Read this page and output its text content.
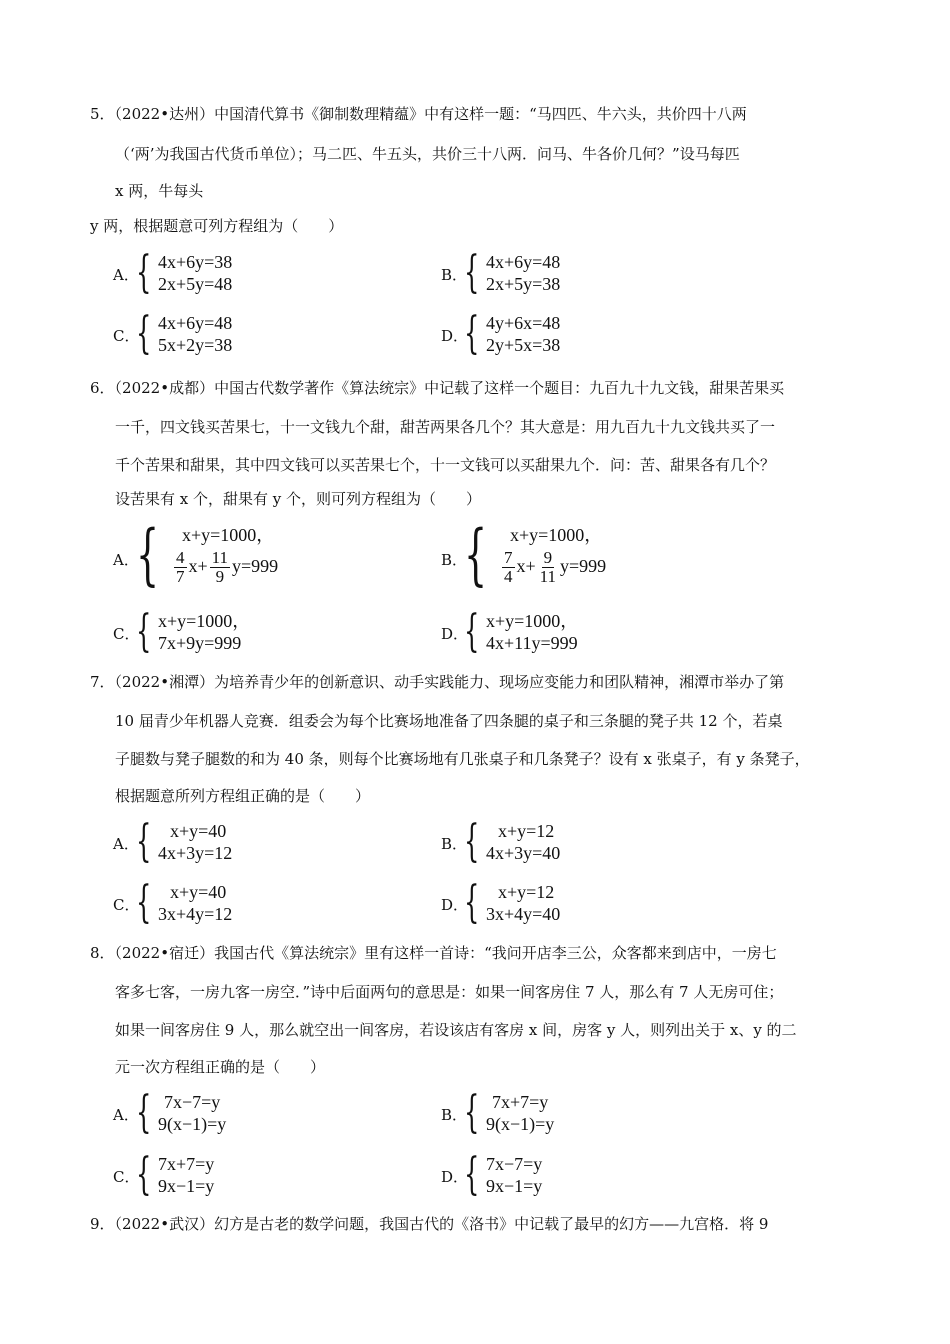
5．（2022•达州）中国清代算书《御制数理精蕴》中有这样一题：“马四匹、牛六头，共价四十八两
（‘两’为我国古代货币单位）；马二匹、牛五头，共价三十八两．问马、牛各价几何？”设马每匹
x 两，牛每头
y 两，根据题意可列方程组为（　　）
A．
{ 4x+6y=38
2x+5y=48	B．
{ 4x+6y=48
2x+5y=38
C．
{ 4x+6y=48
5x+2y=38	D．
{ 4y+6x=48
2y+5x=38
6．（2022•成都）中国古代数学著作《算法统宗》中记载了这样一个题目：九百九十九文钱，甜果苦果买
一千，四文钱买苦果七，十一文钱九个甜，甜苦两果各几个？其大意是：用九百九十九文钱共买了一
千个苦果和甜果，其中四文钱可以买苦果七个，十一文钱可以买甜果九个．问：苦、甜果各有几个？
设苦果有 x 个，甜果有 y 个，则可列方程组为（　　）
A．
{	x+y=1000，
$\frac{4}{7} x+ \frac{11}{9} y=999$	B．
{	x+y=1000，
$\frac{7}{4} x+ \frac{9}{11} y=999$
C．
{ x+y=1000，
7x+9y=999	D．
{ x+y=1000，
4x+11y=999
7．（2022•湘潭）为培养青少年的创新意识、动手实践能力、现场应变能力和团队精神，湘潭市举办了第
10 届青少年机器人竞赛．组委会为每个比赛场地准备了四条腿的桌子和三条腿的凳子共 12 个，若桌
子腿数与凳子腿数的和为 40 条，则每个比赛场地有几张桌子和几条凳子？设有 x 张桌子，有 y 条凳子，
根据题意所列方程组正确的是（　　）
A．
{	x+y=40
4x+3y=12	B．
{	x+y=12
4x+3y=40
C．
{	x+y=40
3x+4y=12	D．
{	x+y=12
3x+4y=40
8．（2022•宿迁）我国古代《算法统宗》里有这样一首诗：“我问开店李三公，众客都来到店中，一房七
客多七客，一房九客一房空．”诗中后面两句的意思是：如果一间客房住 7 人，那么有 7 人无房可住；
如果一间客房住 9 人，那么就空出一间客房，若设该店有客房 x 间，房客 y 人，则列出关于 x、y 的二
元一次方程组正确的是（　　）
A．
{ 7x−7=y
9(x−1)=y	B．
{ 7x+7=y
9(x−1)=y
C．
{ 7x+7=y
9x−1=y	D．
{ 7x−7=y
9x−1=y
9．（2022•武汉）幻方是古老的数学问题，我国古代的《洛书》中记载了最早的幻方——九宫格．将 9
